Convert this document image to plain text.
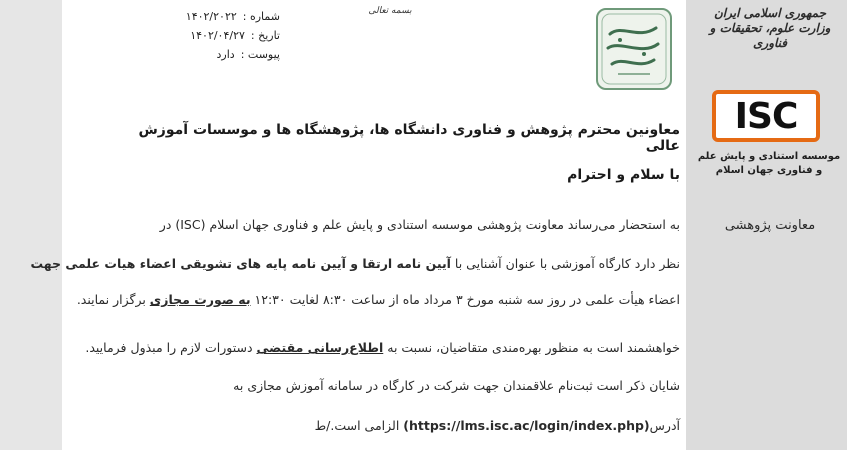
جمهوری اسلامی ایران وزارت علوم، تحقیقات و فناوری
ISC
موسسه استنادی و پایش علم و فناوری جهان اسلام
معاونت پژوهشی
بسمه تعالی
شماره :۱۴۰۲/۲۰۲۲
تاریخ :۱۴۰۲/۰۴/۲۷
پیوست :دارد
معاونین محترم پژوهش و فناوری دانشگاه ها، پژوهشگاه ها و موسسات آموزش عالی
با سلام و احترام
به استحضار می‌رساند معاونت پژوهشی موسسه استنادی و پایش علم و فناوری جهان اسلام (ISC) در
نظر دارد کارگاه آموزشی با عنوان آشنایی با آیین نامه ارتقا و آیین نامه پایه های تشویقی اعضاء هیات علمی جهت
اعضاء هیأت علمی در روز سه شنبه مورخ ۳ مرداد ماه از ساعت ۸:۳۰ لغایت ۱۲:۳۰ به صورت مجازی برگزار نمایند.
خواهشمند است به منظور بهره‌مندی متقاضیان، نسبت به اطلاع‌رسانی مقتضی دستورات لازم را مبذول فرمایید.
شایان ذکر است ثبت‌نام علاقمندان جهت شرکت در کارگاه در سامانه آموزش مجازی به
آدرس(https://lms.isc.ac/login/index.php) الزامی است./ط
